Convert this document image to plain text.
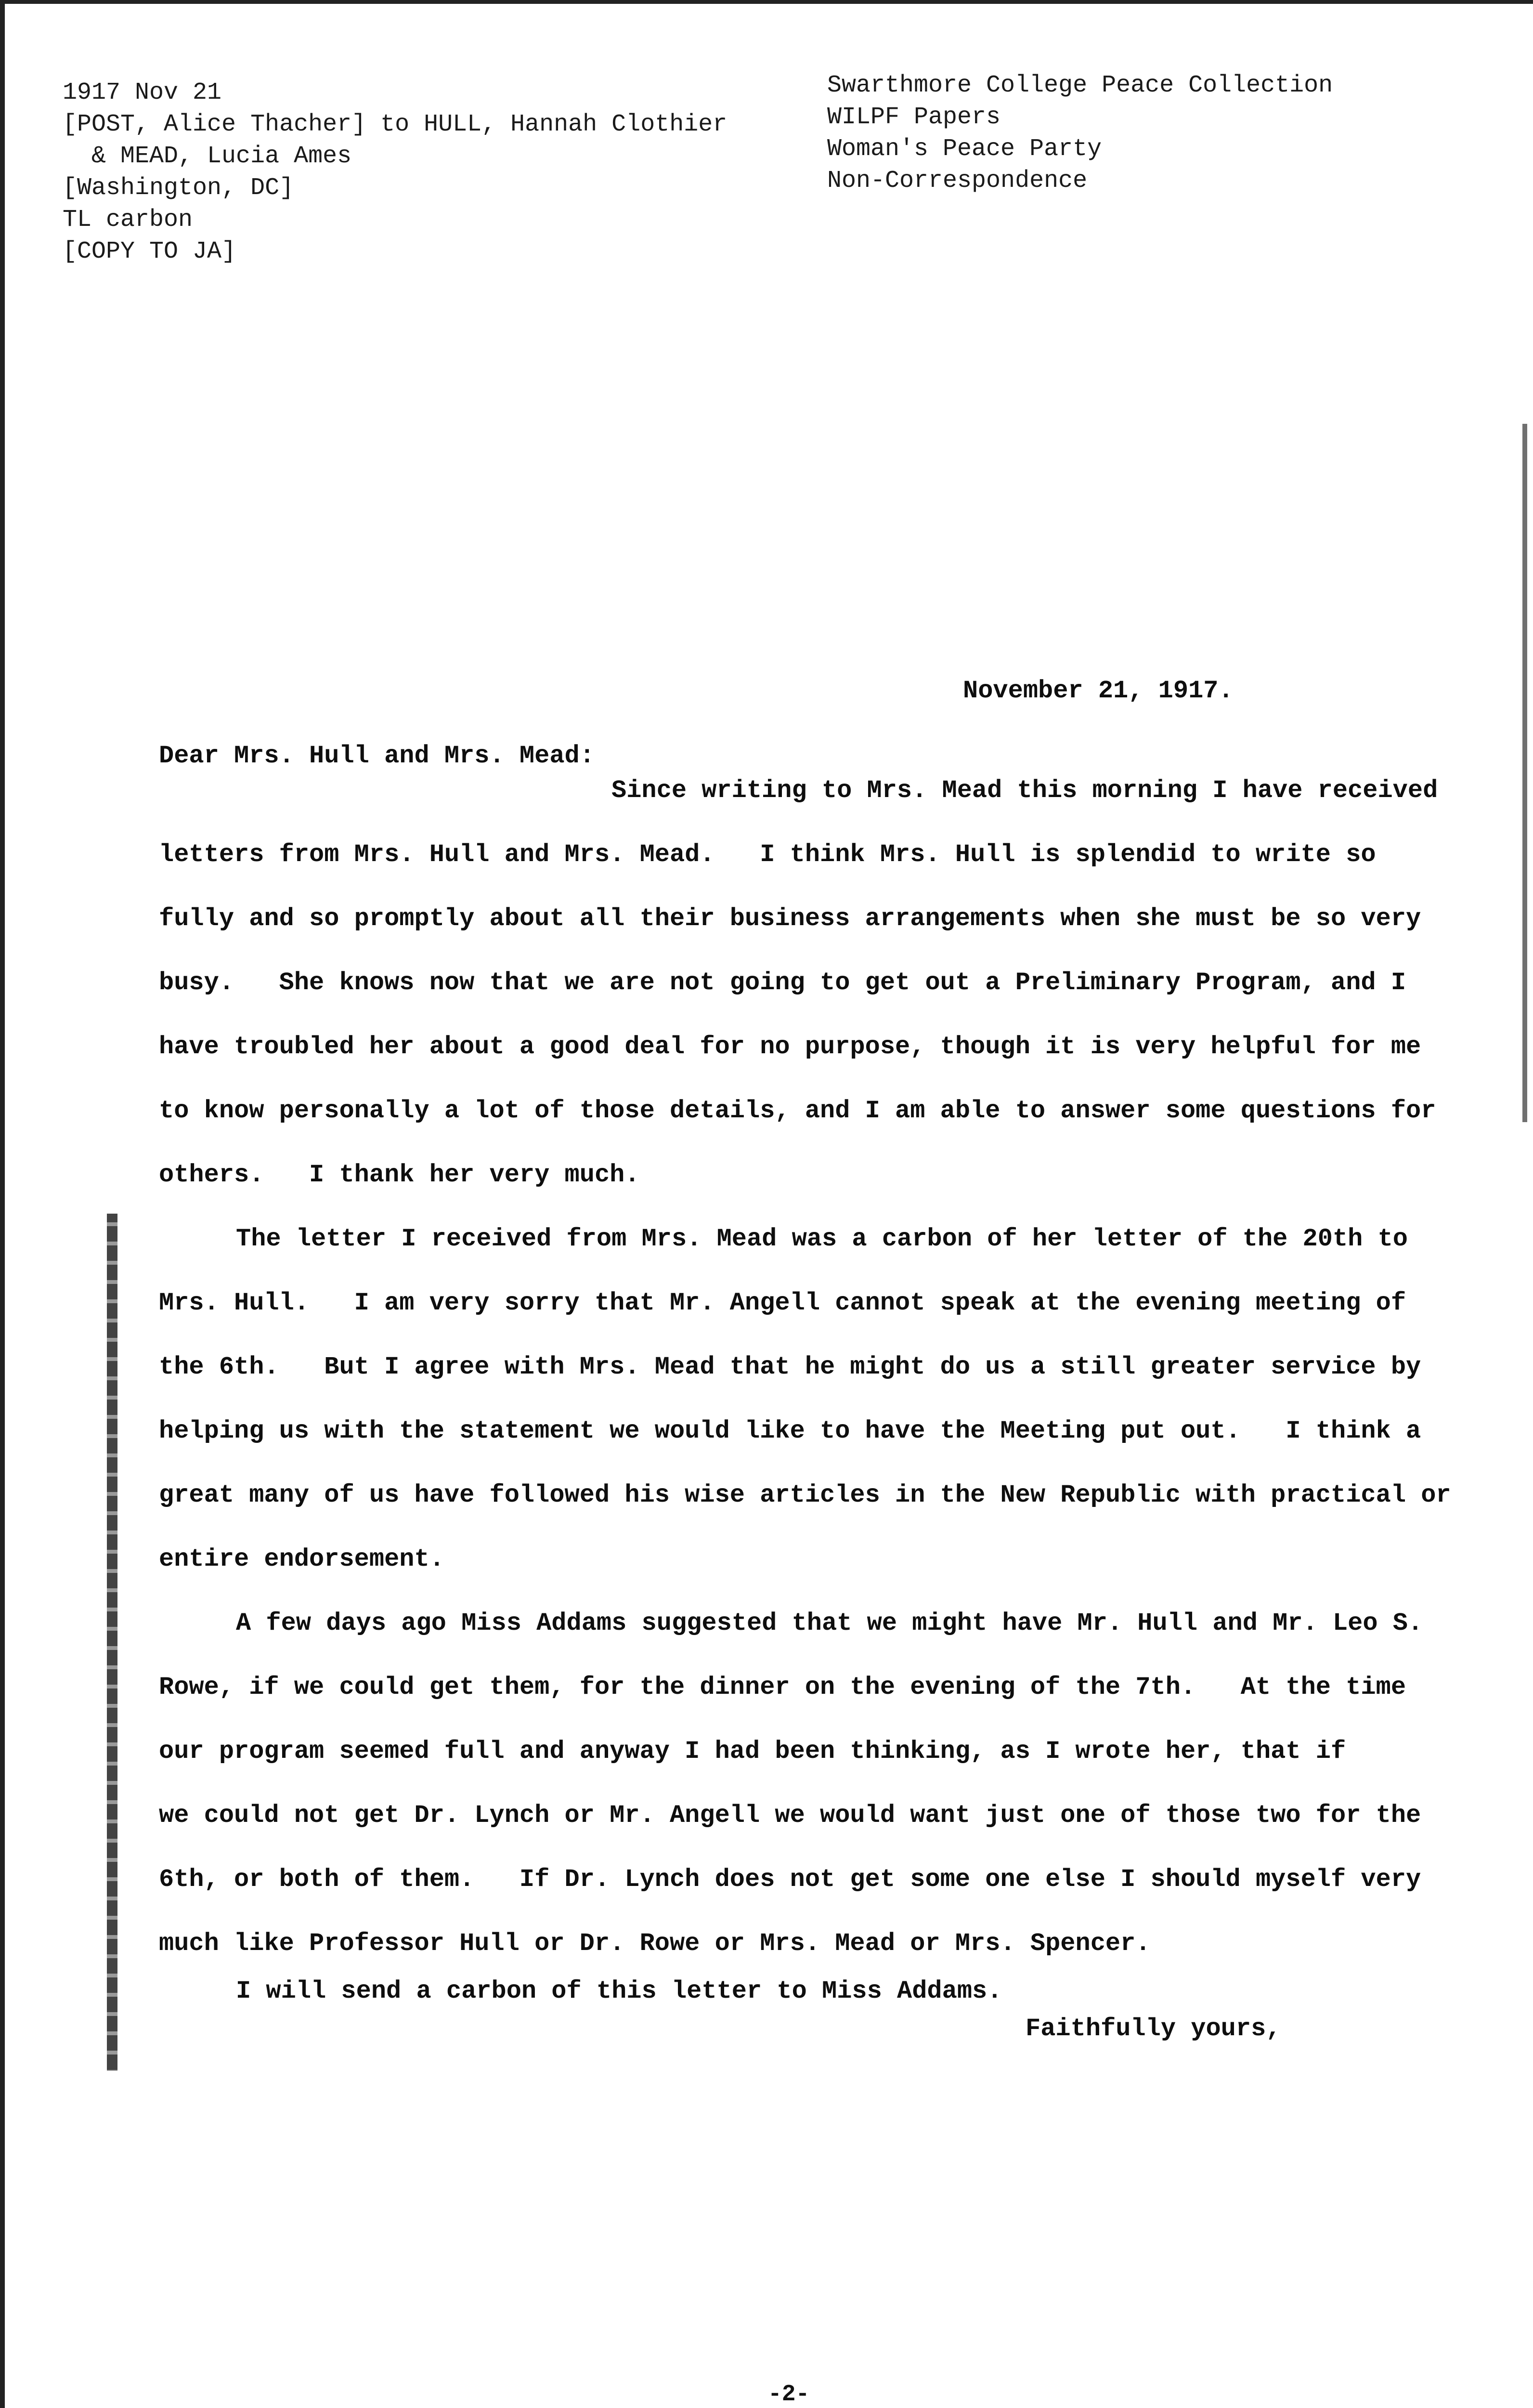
1917 Nov 21
[POST, Alice Thacher] to HULL, Hannah Clothier
& MEAD, Lucia Ames
[Washington, DC]
TL carbon
[COPY TO JA]
Swarthmore College Peace Collection
WILPF Papers
Woman's Peace Party
Non-Correspondence
November 21, 1917.
Dear Mrs. Hull and Mrs. Mead:
Since writing to Mrs. Mead this morning I have received
letters from Mrs. Hull and Mrs. Mead.   I think Mrs. Hull is splendid to write so
fully and so promptly about all their business arrangements when she must be so very
busy.   She knows now that we are not going to get out a Preliminary Program, and I
have troubled her about a good deal for no purpose, though it is very helpful for me
to know personally a lot of those details, and I am able to answer some questions for
others.   I thank her very much.
The letter I received from Mrs. Mead was a carbon of her letter of the 20th to
Mrs. Hull.   I am very sorry that Mr. Angell cannot speak at the evening meeting of
the 6th.   But I agree with Mrs. Mead that he might do us a still greater service by
helping us with the statement we would like to have the Meeting put out.   I think a
great many of us have followed his wise articles in the New Republic with practical or
entire endorsement.
A few days ago Miss Addams suggested that we might have Mr. Hull and Mr. Leo S.
Rowe, if we could get them, for the dinner on the evening of the 7th.   At the time
our program seemed full and anyway I had been thinking, as I wrote her, that if
we could not get Dr. Lynch or Mr. Angell we would want just one of those two for the
6th, or both of them.   If Dr. Lynch does not get some one else I should myself very
much like Professor Hull or Dr. Rowe or Mrs. Mead or Mrs. Spencer.
I will send a carbon of this letter to Miss Addams.
Faithfully yours,
-2-
